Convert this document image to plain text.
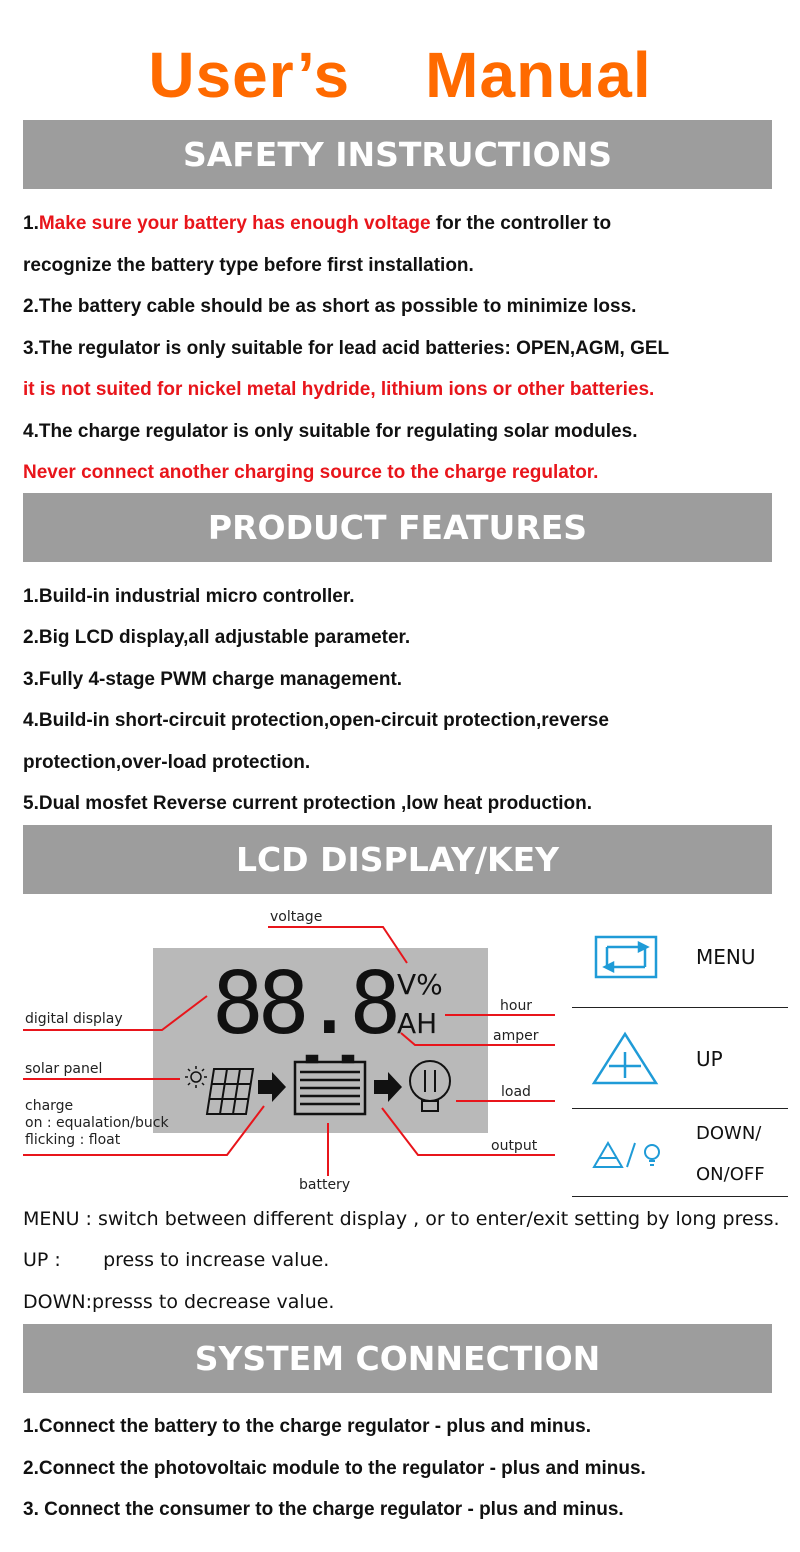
User’s    Manual
SAFETY INSTRUCTIONS
1.Make sure your battery has enough voltage for the controller to
recognize the battery type before first installation.
2.The battery cable should be as short as possible to minimize loss.
3.The regulator is only suitable for lead acid batteries: OPEN,AGM, GEL
it is not suited for nickel metal hydride, lithium ions or other batteries.
4.The charge regulator is only suitable for regulating solar modules.
Never connect another charging source to the charge regulator.
PRODUCT FEATURES
1.Build-in industrial micro controller.
2.Big LCD display,all adjustable parameter.
3.Fully 4-stage PWM charge management.
4.Build-in short-circuit protection,open-circuit protection,reverse
protection,over-load protection.
5.Dual mosfet Reverse current protection ,low heat production.
LCD DISPLAY/KEY
88.8 V%
AH
voltage
digital display
solar panel
charge
on : equalation/buck
flicking : float
hour
amper
load
output
battery
MENU
UP
DOWN/
ON/OFF
MENU : switch between different display , or to enter/exit setting by long press.
UP :       press to increase value.
DOWN:presss to decrease value.
SYSTEM CONNECTION
1.Connect the battery to the charge regulator - plus and minus.
2.Connect the photovoltaic module to the regulator - plus and minus.
3. Connect the consumer to the charge regulator - plus and minus.
